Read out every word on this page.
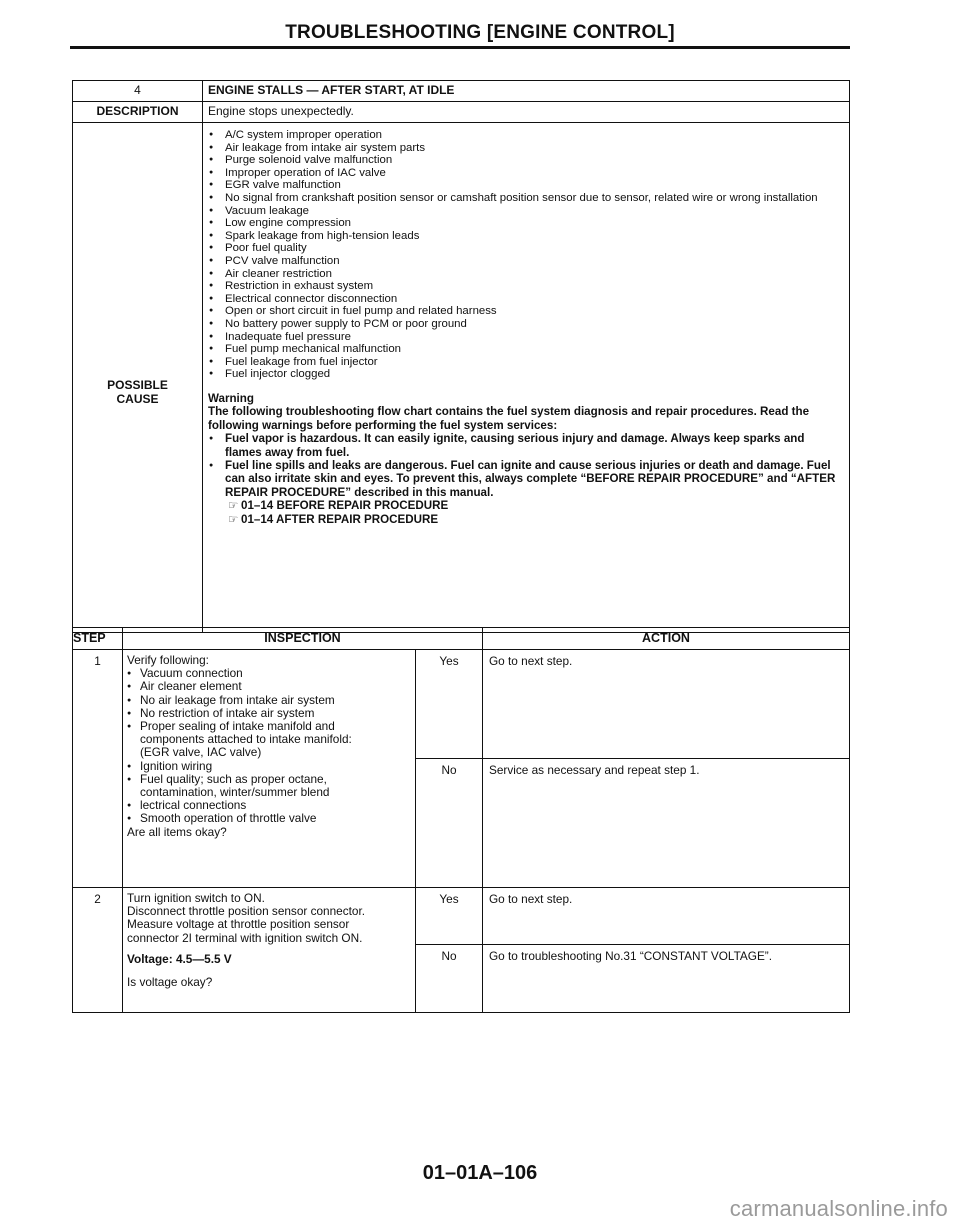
TROUBLESHOOTING [ENGINE CONTROL]
4	ENGINE STALLS — AFTER START, AT IDLE
DESCRIPTION	Engine stops unexpectedly.
POSSIBLE CAUSE
● A/C system improper operation
● Air leakage from intake air system parts
● Purge solenoid valve malfunction
● Improper operation of IAC valve
● EGR valve malfunction
● No signal from crankshaft position sensor or camshaft position sensor due to sensor, related wire or wrong installation
● Vacuum leakage
● Low engine compression
● Spark leakage from high-tension leads
● Poor fuel quality
● PCV valve malfunction
● Air cleaner restriction
● Restriction in exhaust system
● Electrical connector disconnection
● Open or short circuit in fuel pump and related harness
● No battery power supply to PCM or poor ground
● Inadequate fuel pressure
● Fuel pump mechanical malfunction
● Fuel leakage from fuel injector
● Fuel injector clogged
Warning
The following troubleshooting flow chart contains the fuel system diagnosis and repair procedures. Read the following warnings before performing the fuel system services:
● Fuel vapor is hazardous. It can easily ignite, causing serious injury and damage. Always keep sparks and flames away from fuel.
● Fuel line spills and leaks are dangerous. Fuel can ignite and cause serious injuries or death and damage. Fuel can also irritate skin and eyes. To prevent this, always complete “BEFORE REPAIR PROCEDURE” and “AFTER REPAIR PROCEDURE” described in this manual.
☞ 01–14 BEFORE REPAIR PROCEDURE
☞ 01–14 AFTER REPAIR PROCEDURE
STEP	INSPECTION	ACTION
1	Verify following:
● Vacuum connection
● Air cleaner element
● No air leakage from intake air system
● No restriction of intake air system
● Proper sealing of intake manifold and
components attached to intake manifold:
(EGR valve, IAC valve)
● Ignition wiring
● Fuel quality; such as proper octane,
contamination, winter/summer blend
● lectrical connections
● Smooth operation of throttle valve
Are all items okay?
Yes	Go to next step.
No	Service as necessary and repeat step 1.
2	Turn ignition switch to ON.
Disconnect throttle position sensor connector.
Measure voltage at throttle position sensor
connector 2I terminal with ignition switch ON.
Voltage: 4.5—5.5 V
Is voltage okay?
Yes	Go to next step.
No	Go to troubleshooting No.31 “CONSTANT VOLTAGE”.
01–01A–106
carmanualsonline.info
